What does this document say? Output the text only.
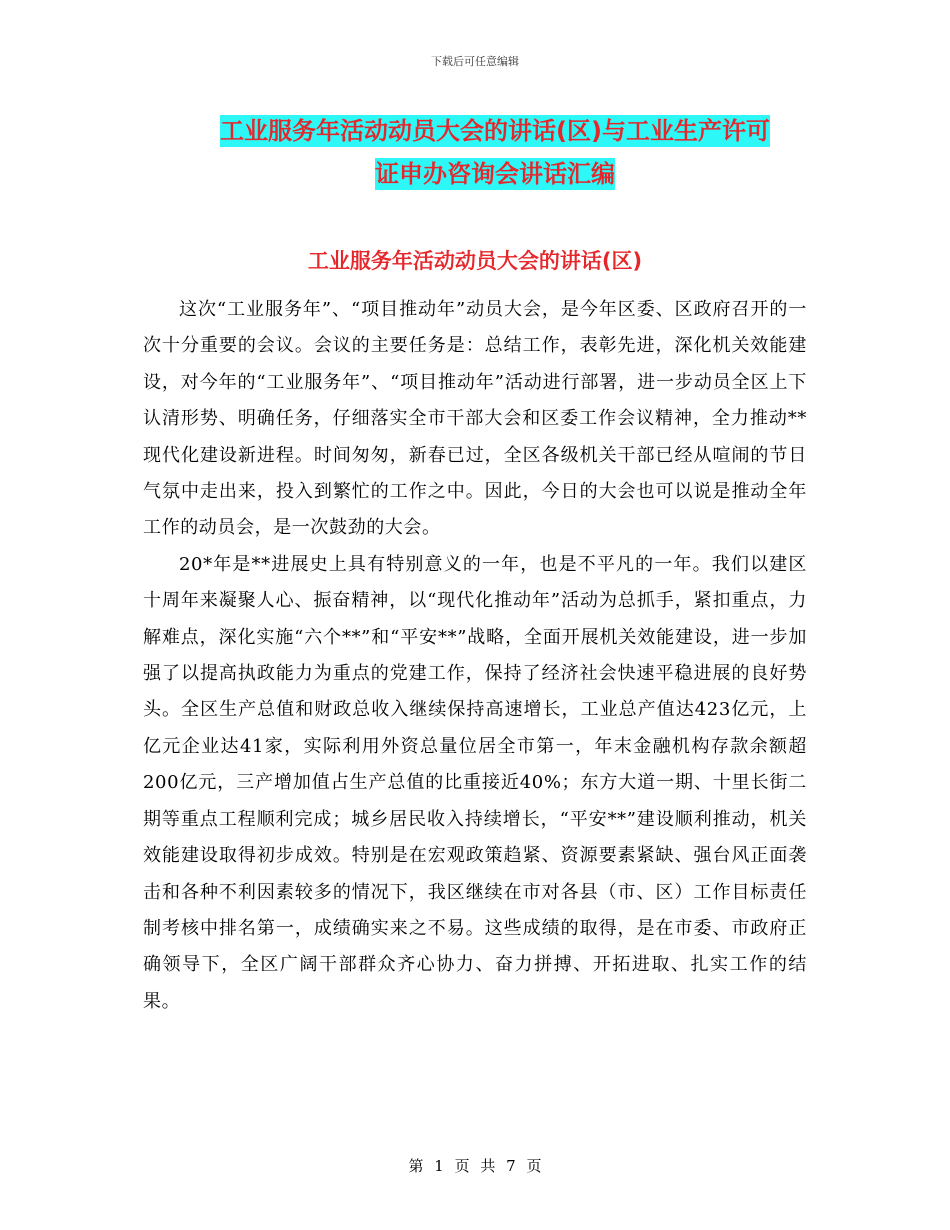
下载后可任意编辑
工业服务年活动动员大会的讲话(区)与工业生产许可
证申办咨询会讲话汇编
工业服务年活动动员大会的讲话(区)

这次“工业服务年”、“项目推动年”动员大会，是今年区委、区政府召开的一次十分重要的会议。会议的主要任务是：总结工作，表彰先进，深化机关效能建设，对今年的“工业服务年”、“项目推动年”活动进行部署，进一步动员全区上下认清形势、明确任务，仔细落实全市干部大会和区委工作会议精神，全力推动**现代化建设新进程。时间匆匆，新春已过，全区各级机关干部已经从喧闹的节日气氛中走出来，投入到繁忙的工作之中。因此，今日的大会也可以说是推动全年工作的动员会，是一次鼓劲的大会。

20*年是**进展史上具有特别意义的一年，也是不平凡的一年。我们以建区十周年来凝聚人心、振奋精神，以“现代化推动年”活动为总抓手，紧扣重点，力解难点，深化实施“六个**”和“平安**”战略，全面开展机关效能建设，进一步加强了以提高执政能力为重点的党建工作，保持了经济社会快速平稳进展的良好势头。全区生产总值和财政总收入继续保持高速增长，工业总产值达423亿元，上亿元企业达41家，实际利用外资总量位居全市第一，年末金融机构存款余额超200亿元，三产增加值占生产总值的比重接近40%；东方大道一期、十里长街二期等重点工程顺利完成；城乡居民收入持续增长，“平安**”建设顺利推动，机关效能建设取得初步成效。特别是在宏观政策趋紧、资源要素紧缺、强台风正面袭击和各种不利因素较多的情况下，我区继续在市对各县（市、区）工作目标责任制考核中排名第一，成绩确实来之不易。这些成绩的取得，是在市委、市政府正确领导下，全区广阔干部群众齐心协力、奋力拼搏、开拓进取、扎实工作的结果。

第 1 页 共 7 页
